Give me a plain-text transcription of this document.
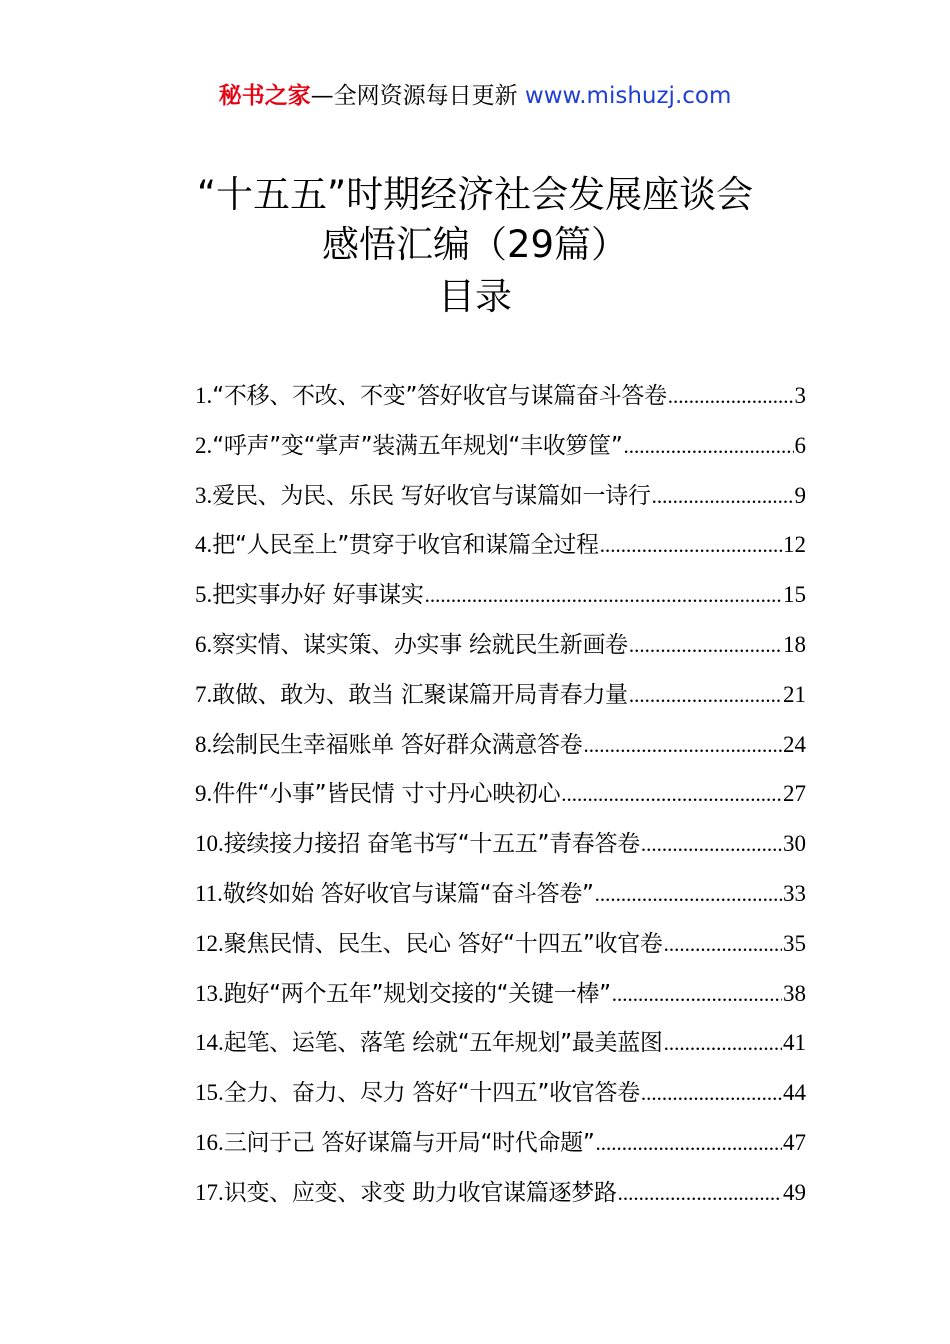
秘书之家—全网资源每日更新 www.mishuzj.com
“十五五”时期经济社会发展座谈会
感悟汇编（29篇）
目录
1. “不移、不改、不变”答好收官与谋篇奋斗答卷 .....	3
2. “呼声”变“掌声”装满五年规划“丰收箩筐” .....	6
3. 爱民、为民、乐民 写好收官与谋篇如一诗行 .....	9
4. 把“人民至上”贯穿于收官和谋篇全过程 .....	12
5. 把实事办好 好事谋实 .....	15
6. 察实情、谋实策、办实事 绘就民生新画卷 .....	18
7. 敢做、敢为、敢当 汇聚谋篇开局青春力量 .....	21
8. 绘制民生幸福账单 答好群众满意答卷 .....	24
9. 件件“小事”皆民情 寸寸丹心映初心 .....	27
10. 接续接力接招 奋笔书写“十五五”青春答卷 .....	30
11. 敬终如始 答好收官与谋篇“奋斗答卷” .....	33
12. 聚焦民情、民生、民心 答好“十四五”收官卷 .....	35
13. 跑好“两个五年”规划交接的“关键一棒” .....	38
14. 起笔、运笔、落笔 绘就“五年规划”最美蓝图 .....	41
15. 全力、奋力、尽力 答好“十四五”收官答卷 .....	44
16. 三问于己 答好谋篇与开局“时代命题” .....	47
17. 识变、应变、求变 助力收官谋篇逐梦路 .....	49
